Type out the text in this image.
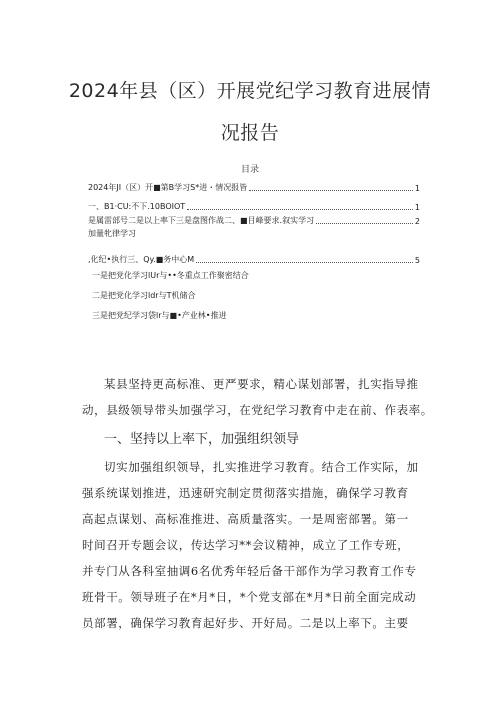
2024年县（区）开展党纪学习教育进展情
况报告
目录
2024年JI（区）开■第B学习S*进・情况报皆	1
一、B1·CU:不下.10BOIOT	1
是属雷部号二是以上率下三是盘图作战二、■目峰要求.叙实学习	2
加量牝律学习
,化纪•执行三、Qy.■务中心M	5
一是把党化学习lUr与••冬重点工作聚密结合
二是把党化学习ldr与T机储合
三是把党纪学习袋lr与■•产业林•推进
某县坚持更高标准、更严要求，精心谋划部署，扎实指导推
动，县级领导带头加强学习，在党纪学习教育中走在前、作表率。
一、坚持以上率下，加强组织领导
切实加强组织领导，扎实推进学习教育。结合工作实际，加
强系统谋划推进，迅速研究制定贯彻落实措施，确保学习教育
高起点谋划、高标准推进、高质量落实。一是周密部署。第一
时间召开专题会议，传达学习**会议精神，成立了工作专班，
并专门从各科室抽调6名优秀年轻后备干部作为学习教育工作专
班骨干。领导班子在*月*日，*个党支部在*月*日前全面完成动
员部署，确保学习教育起好步、开好局。二是以上率下。主要
